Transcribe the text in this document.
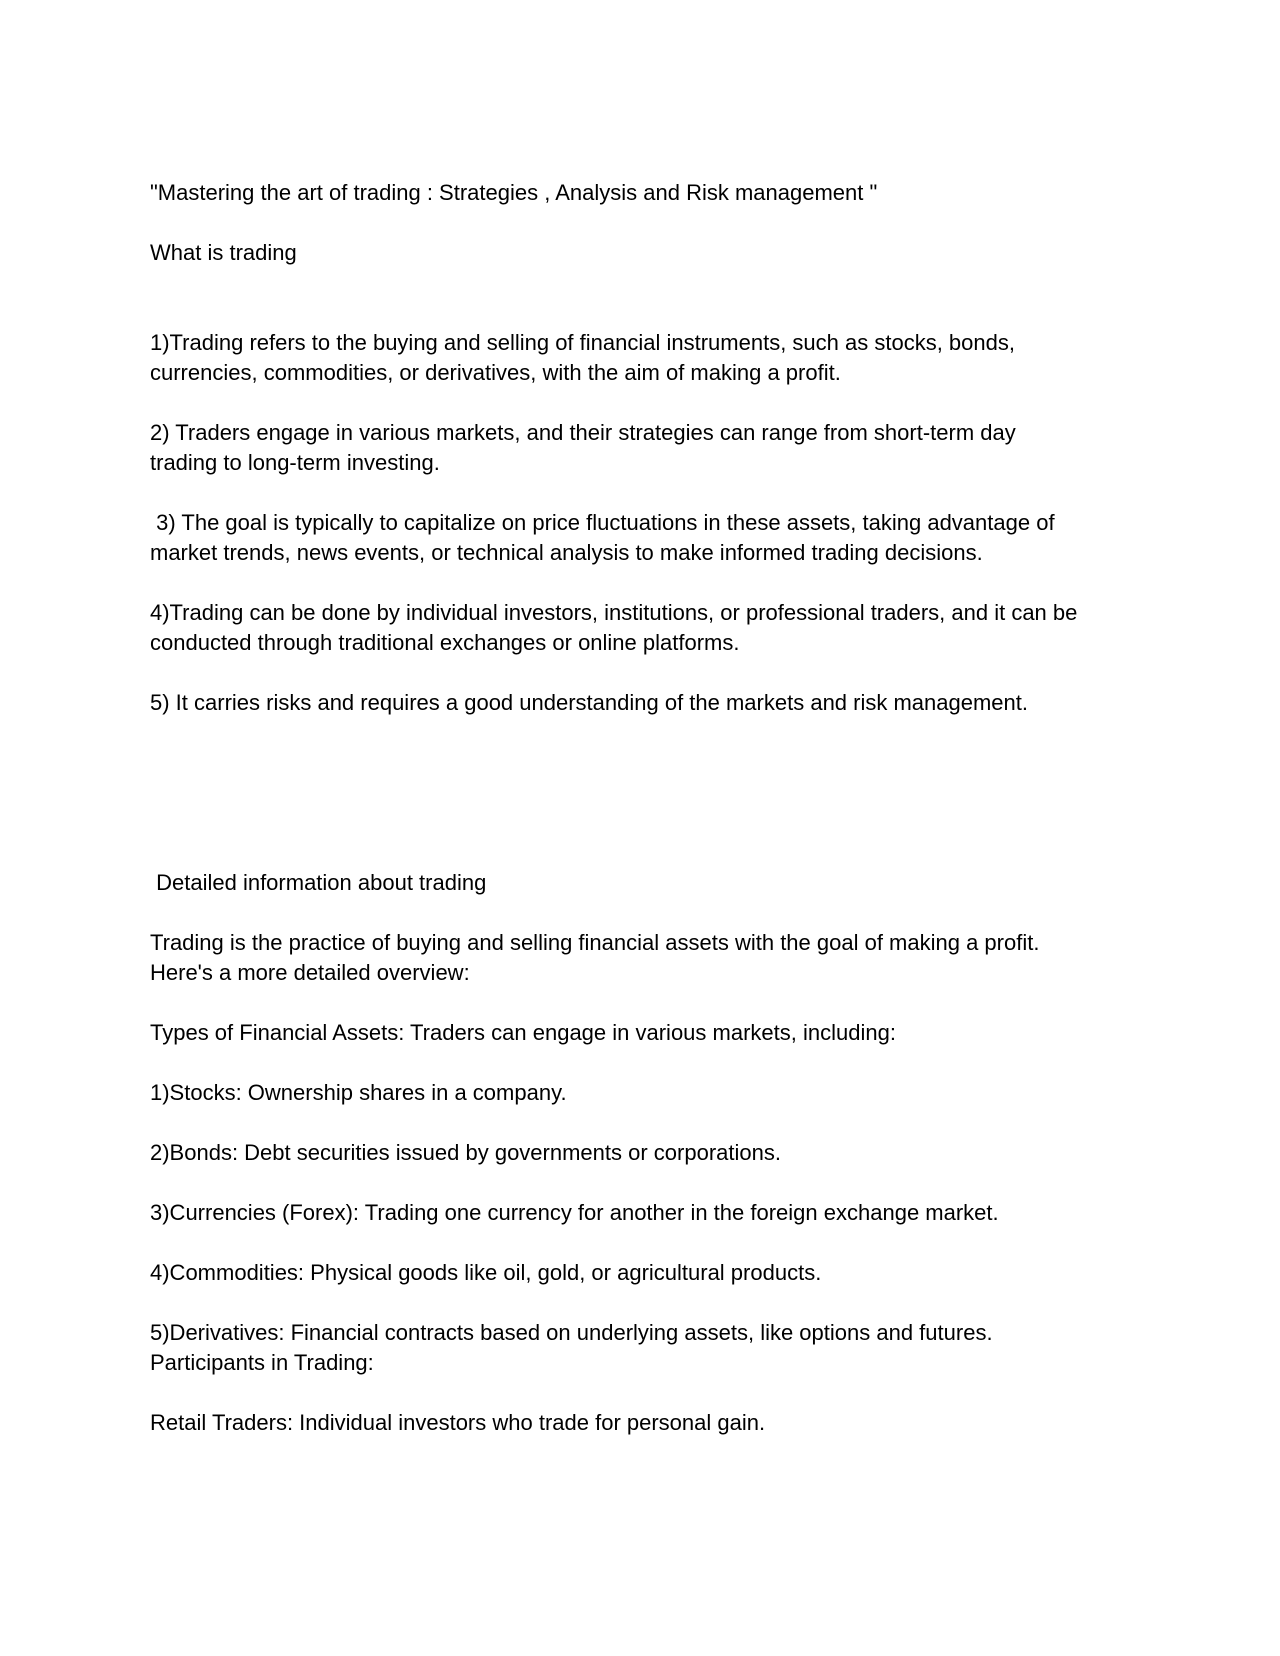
"Mastering the art of trading : Strategies , Analysis and Risk management "

What is trading

1)Trading refers to the buying and selling of financial instruments, such as stocks, bonds,
currencies, commodities, or derivatives, with the aim of making a profit.
2) Traders engage in various markets, and their strategies can range from short-term day
trading to long-term investing.
3) The goal is typically to capitalize on price fluctuations in these assets, taking advantage of
market trends, news events, or technical analysis to make informed trading decisions.
4)Trading can be done by individual investors, institutions, or professional traders, and it can be
conducted through traditional exchanges or online platforms.
5) It carries risks and requires a good understanding of the markets and risk management.

Detailed information about trading

Trading is the practice of buying and selling financial assets with the goal of making a profit.
Here's a more detailed overview:

Types of Financial Assets: Traders can engage in various markets, including:

1)Stocks: Ownership shares in a company.

2)Bonds: Debt securities issued by governments or corporations.

3)Currencies (Forex): Trading one currency for another in the foreign exchange market.

4)Commodities: Physical goods like oil, gold, or agricultural products.

5)Derivatives: Financial contracts based on underlying assets, like options and futures.
Participants in Trading:

Retail Traders: Individual investors who trade for personal gain.
